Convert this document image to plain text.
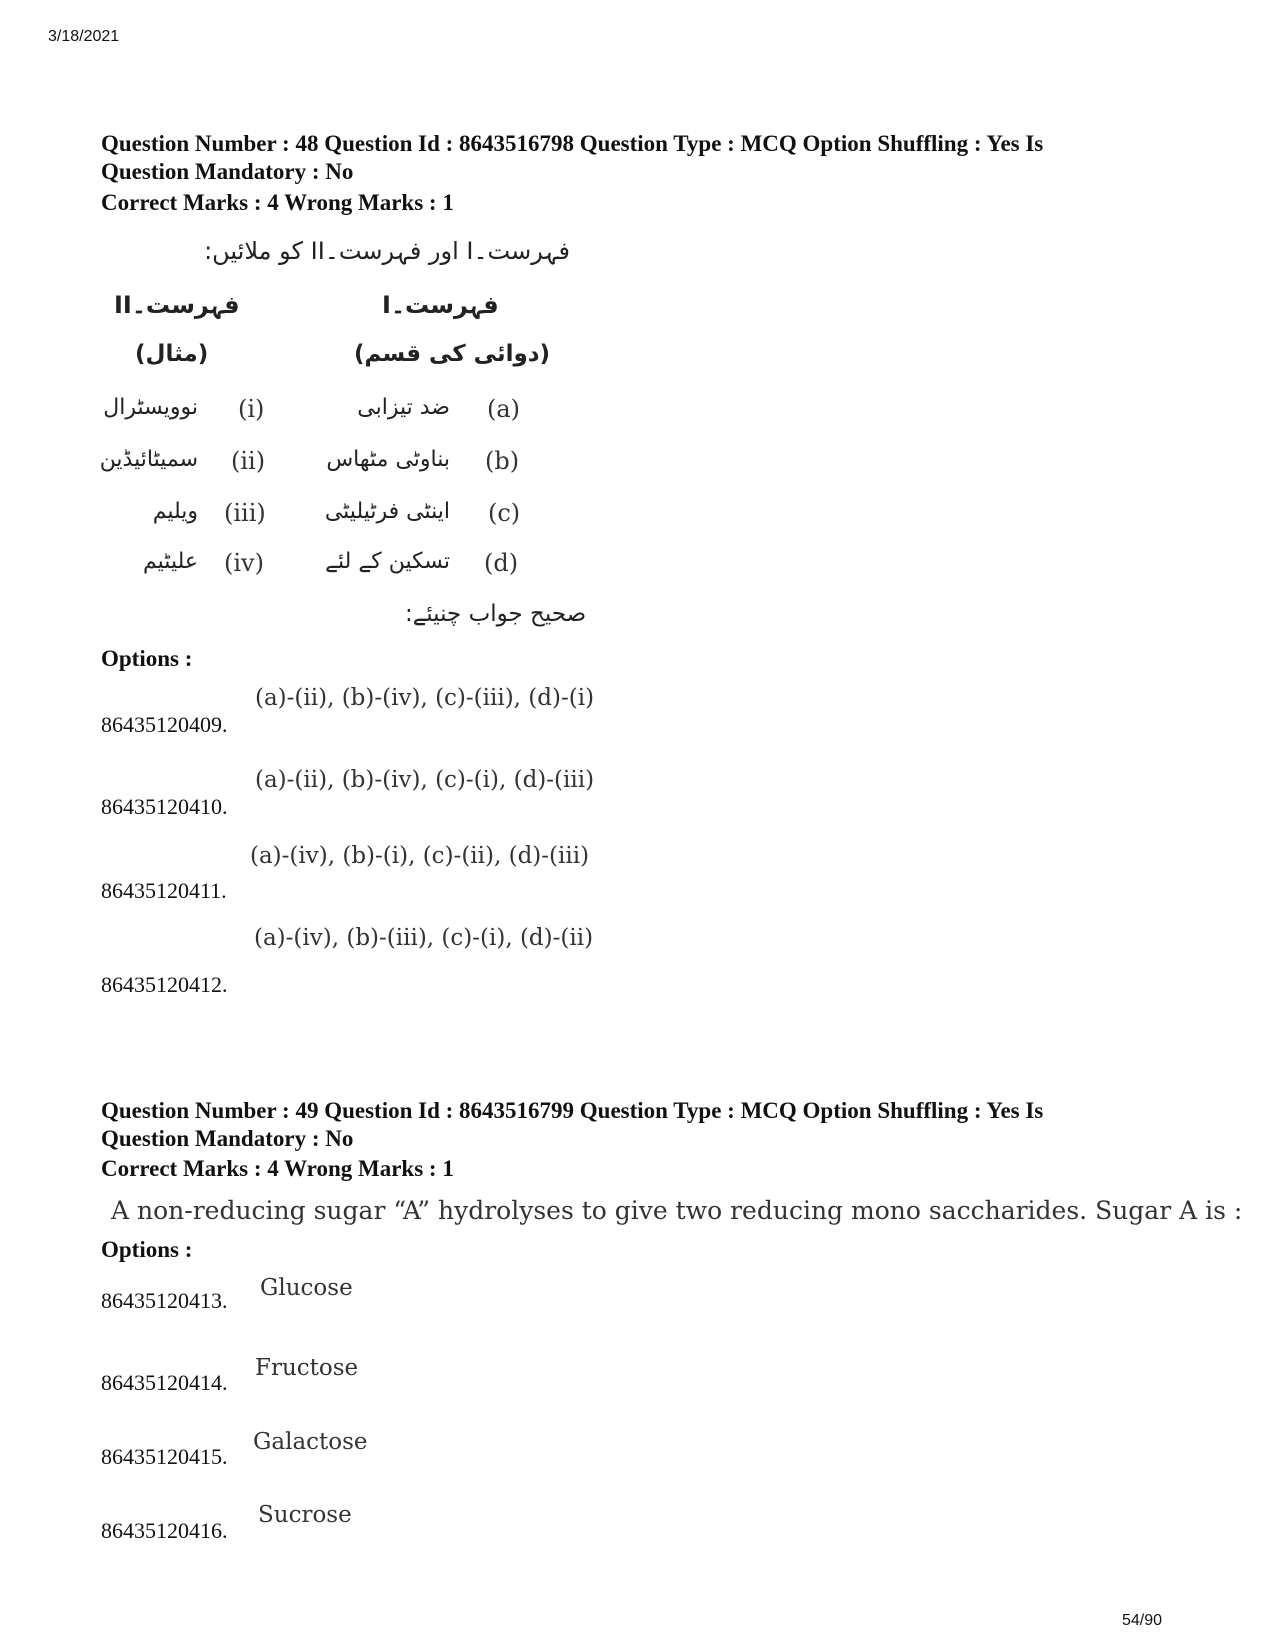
3/18/2021
Question Number : 48 Question Id : 8643516798 Question Type : MCQ Option Shuffling : Yes Is Question Mandatory : No
Correct Marks : 4 Wrong Marks : 1
فہرست۔I اور فہرست۔II کو ملائیں:
فہرست۔I
فہرست۔II
(دوائی کی قسم)
(مثال)
(a)
ضد تیزابی
(i)
نوویسٹرال
(b)
بناوٹی مٹھاس
(ii)
سمیٹائیڈین
(c)
اینٹی فرٹیلیٹی
(iii)
ویلیم
(d)
تسکین کے لئے
(iv)
علیٹیم
صحیح جواب چنیئے:
Options :
86435120409.
(a)-(ii), (b)-(iv), (c)-(iii), (d)-(i)
86435120410.
(a)-(ii), (b)-(iv), (c)-(i), (d)-(iii)
86435120411.
(a)-(iv), (b)-(i), (c)-(ii), (d)-(iii)
86435120412.
(a)-(iv), (b)-(iii), (c)-(i), (d)-(ii)
Question Number : 49 Question Id : 8643516799 Question Type : MCQ Option Shuffling : Yes Is Question Mandatory : No
Correct Marks : 4 Wrong Marks : 1
A non-reducing sugar “A” hydrolyses to give two reducing mono saccharides. Sugar A is :
Options :
86435120413. Glucose
86435120414.
Fructose
86435120415.
Galactose
86435120416.
Sucrose
54/90
